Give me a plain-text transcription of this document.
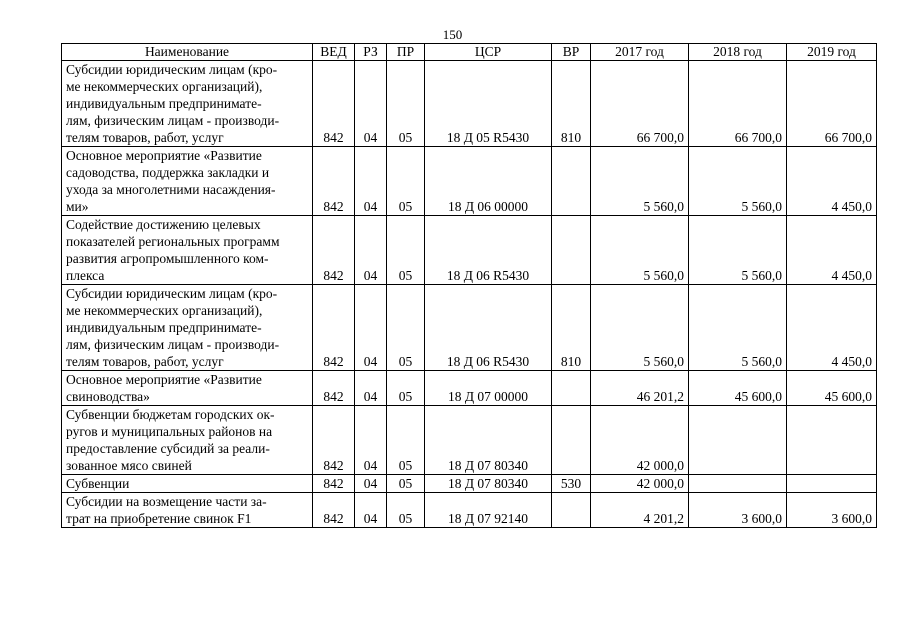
150
Наименование	ВЕД	РЗ	ПР	ЦСР	ВР	2017 год	2018 год	2019 год
Субсидии юридическим лицам (кро-
ме некоммерческих организаций),
индивидуальным предпринимате-
лям, физическим лицам - производи-
телям товаров, работ, услуг	842	04	05	18 Д 05 R5430	810	66 700,0	66 700,0	66 700,0
Основное мероприятие «Развитие
садоводства, поддержка закладки и
ухода за многолетними насаждения-
ми»	842	04	05	18 Д 06 00000		5 560,0	5 560,0	4 450,0
Содействие достижению целевых
показателей региональных программ
развития агропромышленного ком-
плекса	842	04	05	18 Д 06 R5430		5 560,0	5 560,0	4 450,0
Субсидии юридическим лицам (кро-
ме некоммерческих организаций),
индивидуальным предпринимате-
лям, физическим лицам - производи-
телям товаров, работ, услуг	842	04	05	18 Д 06 R5430	810	5 560,0	5 560,0	4 450,0
Основное мероприятие «Развитие
свиноводства»	842	04	05	18 Д 07 00000		46 201,2	45 600,0	45 600,0
Субвенции бюджетам городских ок-
ругов и муниципальных районов на
предоставление субсидий за реали-
зованное мясо свиней	842	04	05	18 Д 07 80340		42 000,0		
Субвенции	842	04	05	18 Д 07 80340	530	42 000,0		
Субсидии на возмещение части за-
трат на приобретение свинок F1	842	04	05	18 Д 07 92140		4 201,2	3 600,0	3 600,0
